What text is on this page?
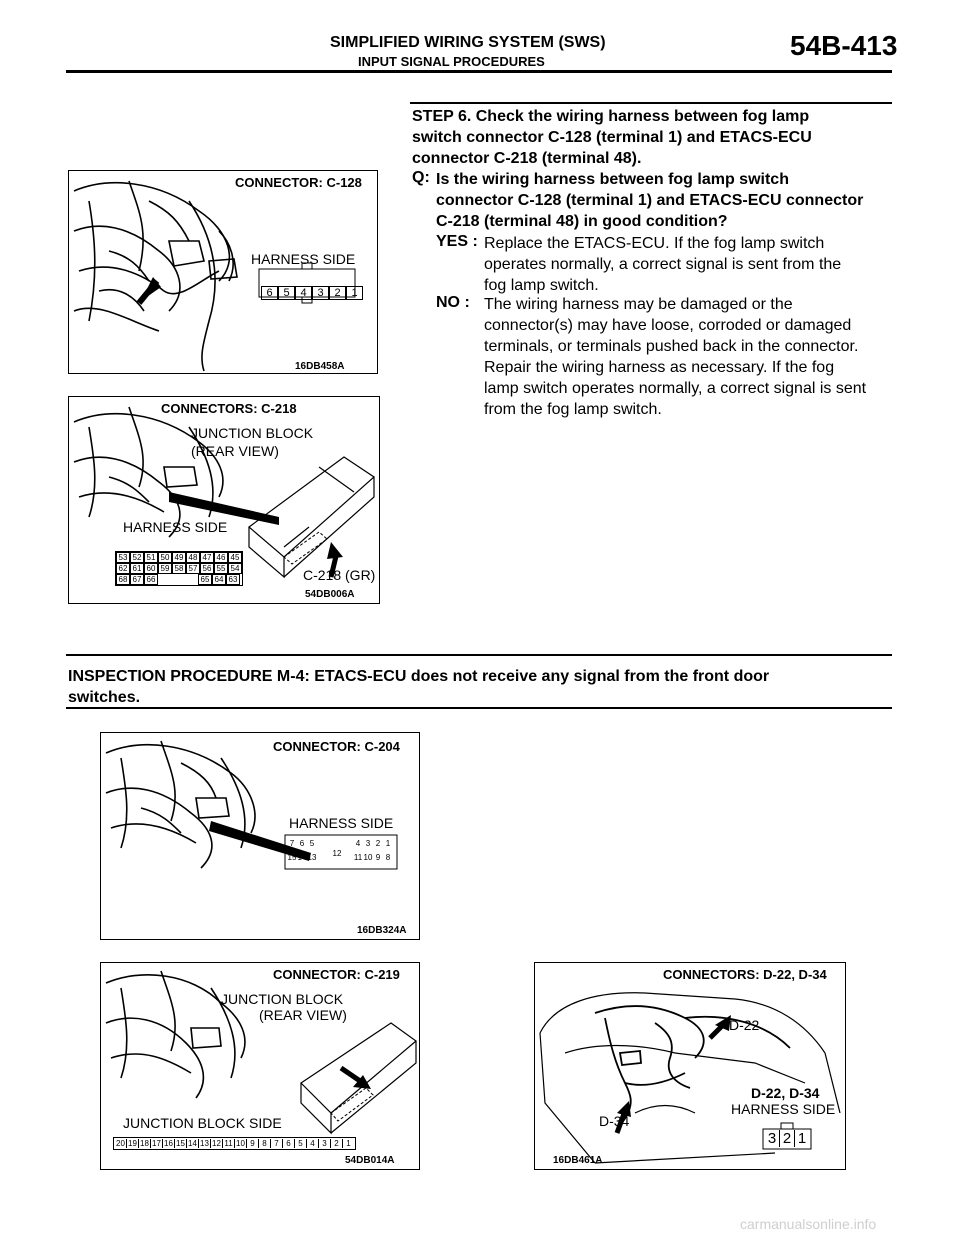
SIMPLIFIED WIRING SYSTEM (SWS)
INPUT SIGNAL PROCEDURES
54B-413
STEP 6. Check the wiring harness between fog lamp
switch connector C-128 (terminal 1) and ETACS-ECU
connector C-218 (terminal 48).
Q: Is the wiring harness between fog lamp switch
connector C-128 (terminal 1) and ETACS-ECU connector
C-218 (terminal 48) in good condition?
YES : Replace the ETACS-ECU. If the fog lamp switch
operates normally, a correct signal is sent from the
fog lamp switch.
NO : The wiring harness may be damaged or the
connector(s) may have loose, corroded or damaged
terminals, or terminals pushed back in the connector.
Repair the wiring harness as necessary. If the fog
lamp switch operates normally, a correct signal is sent
from the fog lamp switch.
CONNECTOR: C-128
HARNESS SIDE
6 5 4 3 2 1
16DB458A
CONNECTORS: C-218
JUNCTION BLOCK
(REAR VIEW)
HARNESS SIDE
53 52 51 50 49 48 47 46 45
62 61 60 59 58 57 56 55 54
68 67 66	65 64 63	C-218 (GR)
54DB006A
INSPECTION PROCEDURE M-4: ETACS-ECU does not receive any signal from the front door
switches.
CONNECTOR: C-204
HARNESS SIDE
7 6 5	4 3 2 1
15 14 13	12	11 10 9 8
16DB324A
CONNECTOR: C-219
JUNCTION BLOCK
(REAR VIEW)
JUNCTION BLOCK SIDE
20 19 18 17 16 15 14 13 12 11 10 9 8 7 6 5 4 3 2 1
54DB014A
CONNECTORS: D-22, D-34
D-22
D-22, D-34
HARNESS SIDE
D-34
3 2 1
16DB461A
carmanualsonline.info
